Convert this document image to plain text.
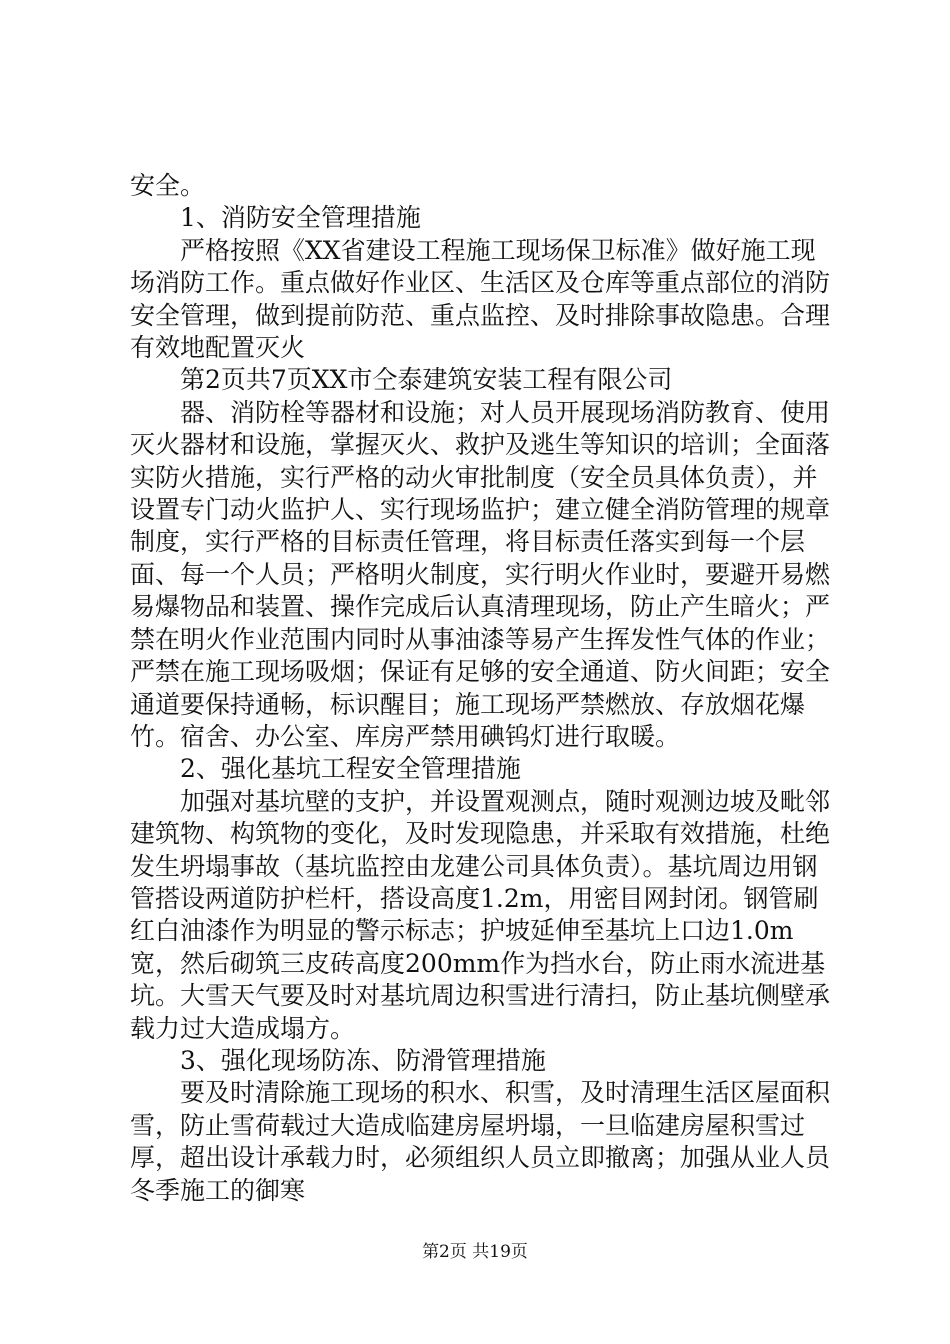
安全。

1、消防安全管理措施

严格按照《XX省建设工程施工现场保卫标准》做好施工现场消防工作。重点做好作业区、生活区及仓库等重点部位的消防安全管理，做到提前防范、重点监控、及时排除事故隐患。合理有效地配置灭火

第2页共7页XX市仝泰建筑安装工程有限公司

器、消防栓等器材和设施；对人员开展现场消防教育、使用灭火器材和设施，掌握灭火、救护及逃生等知识的培训；全面落实防火措施，实行严格的动火审批制度（安全员具体负责），并设置专门动火监护人、实行现场监护；建立健全消防管理的规章制度，实行严格的目标责任管理，将目标责任落实到每一个层面、每一个人员；严格明火制度，实行明火作业时，要避开易燃易爆物品和装置、操作完成后认真清理现场，防止产生暗火；严禁在明火作业范围内同时从事油漆等易产生挥发性气体的作业；严禁在施工现场吸烟；保证有足够的安全通道、防火间距；安全通道要保持通畅，标识醒目；施工现场严禁燃放、存放烟花爆竹。宿舍、办公室、库房严禁用碘钨灯进行取暖。

2、强化基坑工程安全管理措施

加强对基坑壁的支护，并设置观测点，随时观测边坡及毗邻建筑物、构筑物的变化，及时发现隐患，并采取有效措施，杜绝发生坍塌事故（基坑监控由龙建公司具体负责）。基坑周边用钢管搭设两道防护栏杆，搭设高度1.2m，用密目网封闭。钢管刷红白油漆作为明显的警示标志；护坡延伸至基坑上口边1.0m宽，然后砌筑三皮砖高度200mm作为挡水台，防止雨水流进基坑。大雪天气要及时对基坑周边积雪进行清扫，防止基坑侧壁承载力过大造成塌方。

3、强化现场防冻、防滑管理措施

要及时清除施工现场的积水、积雪，及时清理生活区屋面积雪，防止雪荷载过大造成临建房屋坍塌，一旦临建房屋积雪过厚，超出设计承载力时，必须组织人员立即撤离；加强从业人员冬季施工的御寒

第2页 共19页
